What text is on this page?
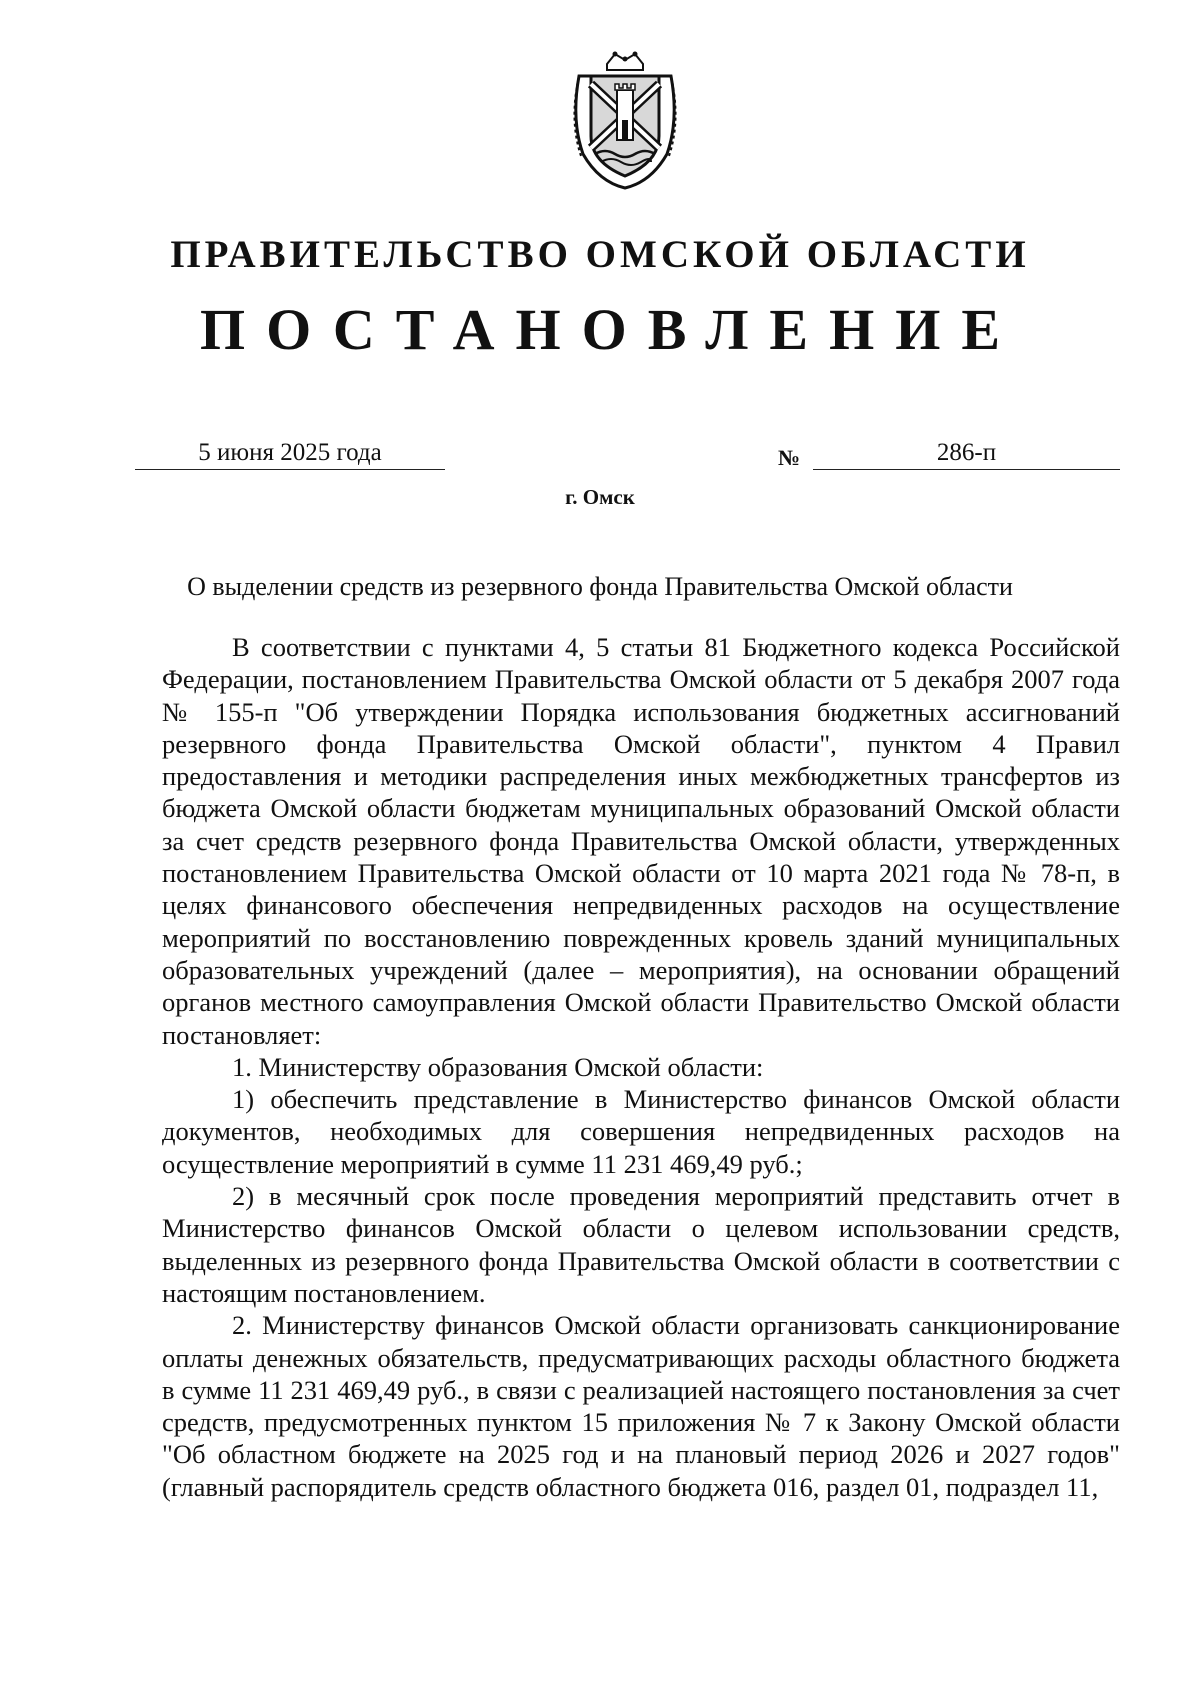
ПРАВИТЕЛЬСТВО ОМСКОЙ ОБЛАСТИ
ПОСТАНОВЛЕНИЕ
5 июня 2025 года	№	286-п
г. Омск
О выделении средств из резервного фонда Правительства Омской области

В соответствии с пунктами 4, 5 статьи 81 Бюджетного кодекса Российской Федерации, постановлением Правительства Омской области от 5 декабря 2007 года № 155-п "Об утверждении Порядка использования бюджетных ассигнований резервного фонда Правительства Омской области", пунктом 4 Правил предоставления и методики распределения иных межбюджетных трансфертов из бюджета Омской области бюджетам муниципальных образований Омской области за счет средств резервного фонда Правительства Омской области, утвержденных постановлением Правительства Омской области от 10 марта 2021 года № 78-п, в целях финансового обеспечения непредвиденных расходов на осуществление мероприятий по восстановлению поврежденных кровель зданий муниципальных образовательных учреждений (далее – мероприятия), на основании обращений органов местного самоуправления Омской области Правительство Омской области постановляет:

1. Министерству образования Омской области:

1) обеспечить представление в Министерство финансов Омской области документов, необходимых для совершения непредвиденных расходов на осуществление мероприятий в сумме 11 231 469,49 руб.;

2) в месячный срок после проведения мероприятий представить отчет в Министерство финансов Омской области о целевом использовании средств, выделенных из резервного фонда Правительства Омской области в соответствии с настоящим постановлением.

2. Министерству финансов Омской области организовать санкционирование оплаты денежных обязательств, предусматривающих расходы областного бюджета в сумме 11 231 469,49 руб., в связи с реализацией настоящего постановления за счет средств, предусмотренных пунктом 15 приложения № 7 к Закону Омской области "Об областном бюджете на 2025 год и на плановый период 2026 и 2027 годов" (главный распорядитель средств областного бюджета 016, раздел 01, подраздел 11,
